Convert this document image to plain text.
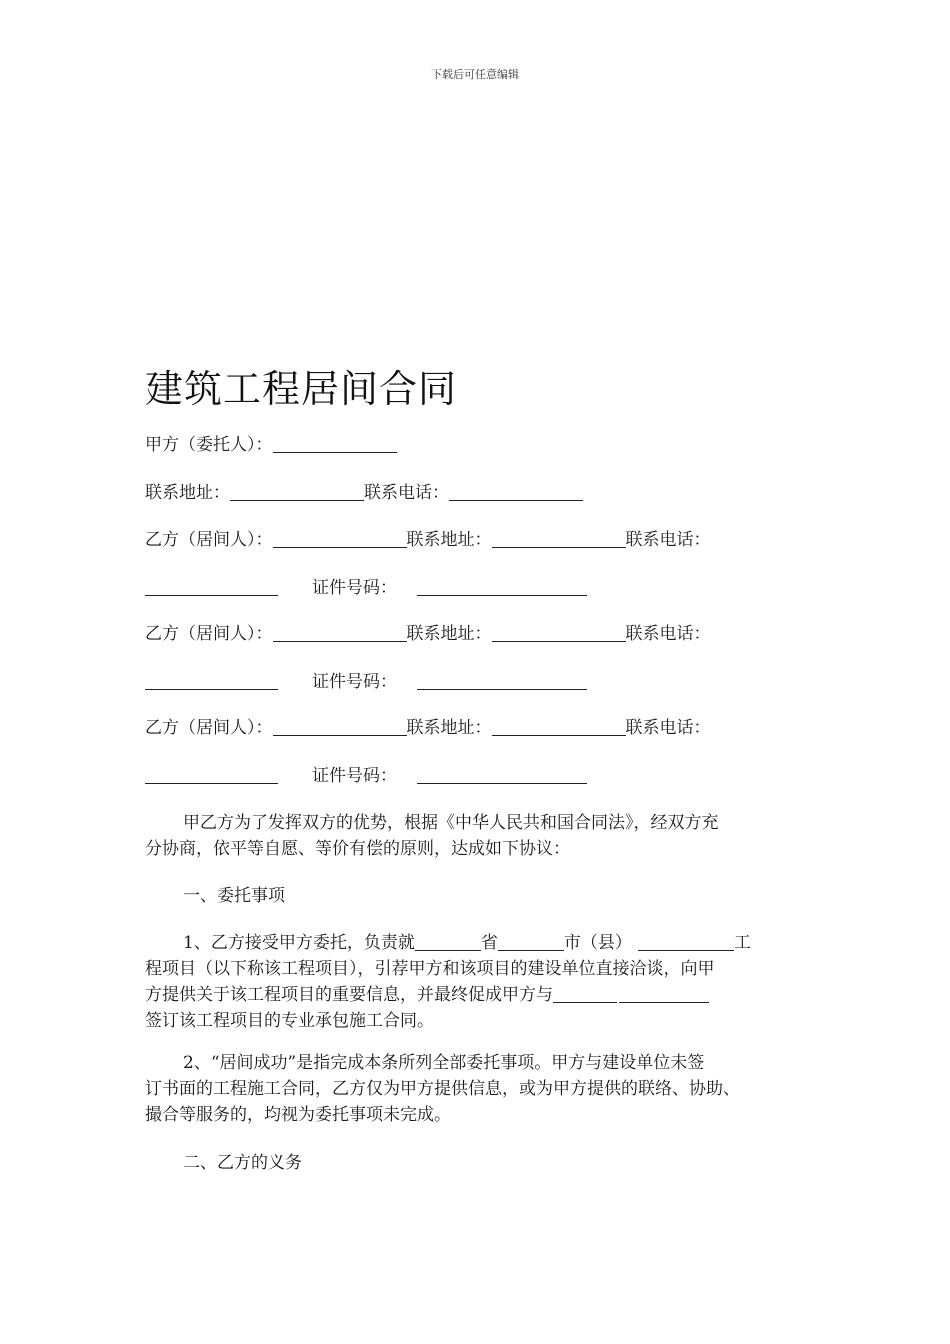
下载后可任意编辑
建筑工程居间合同
甲方（委托人）：
联系地址：	联系电话：
乙方（居间人）：	联系地址：	联系电话：
证件号码：
乙方（居间人）：	联系地址：	联系电话：
证件号码：
乙方（居间人）：	联系地址：	联系电话：
证件号码：
甲乙方为了发挥双方的优势，根据《中华人民共和国合同法》，经双方充
分协商，依平等自愿、等价有偿的原则，达成如下协议：
一、委托事项
1、乙方接受甲方委托，负责就	省	市（县）	工
程项目（以下称该工程项目），引荐甲方和该项目的建设单位直接洽谈，向甲
方提供关于该工程项目的重要信息，并最终促成甲方与
签订该工程项目的专业承包施工合同。
2、“居间成功”是指完成本条所列全部委托事项。甲方与建设单位未签
订书面的工程施工合同，乙方仅为甲方提供信息，或为甲方提供的联络、协助、
撮合等服务的，均视为委托事项未完成。
二、乙方的义务
